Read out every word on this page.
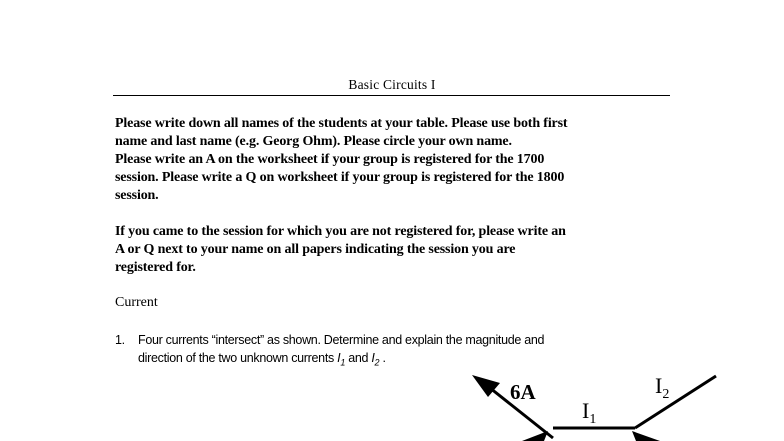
Basic Circuits I

Please write down all names of the students at your table. Please use both first

name and last name (e.g. Georg Ohm). Please circle your own name.

Please write an A on the worksheet if your group is registered for the 1700

session. Please write a Q on worksheet if your group is registered for the 1800

session.

If you came to the session for which you are not registered for, please write an

A or Q next to your name on all papers indicating the session you are

registered for.

Current
1. Four currents “intersect” as shown. Determine and explain the magnitude and
direction of the two unknown currents $I_1$ and $I_2$ .
6A
$I_1$
$I_2$
